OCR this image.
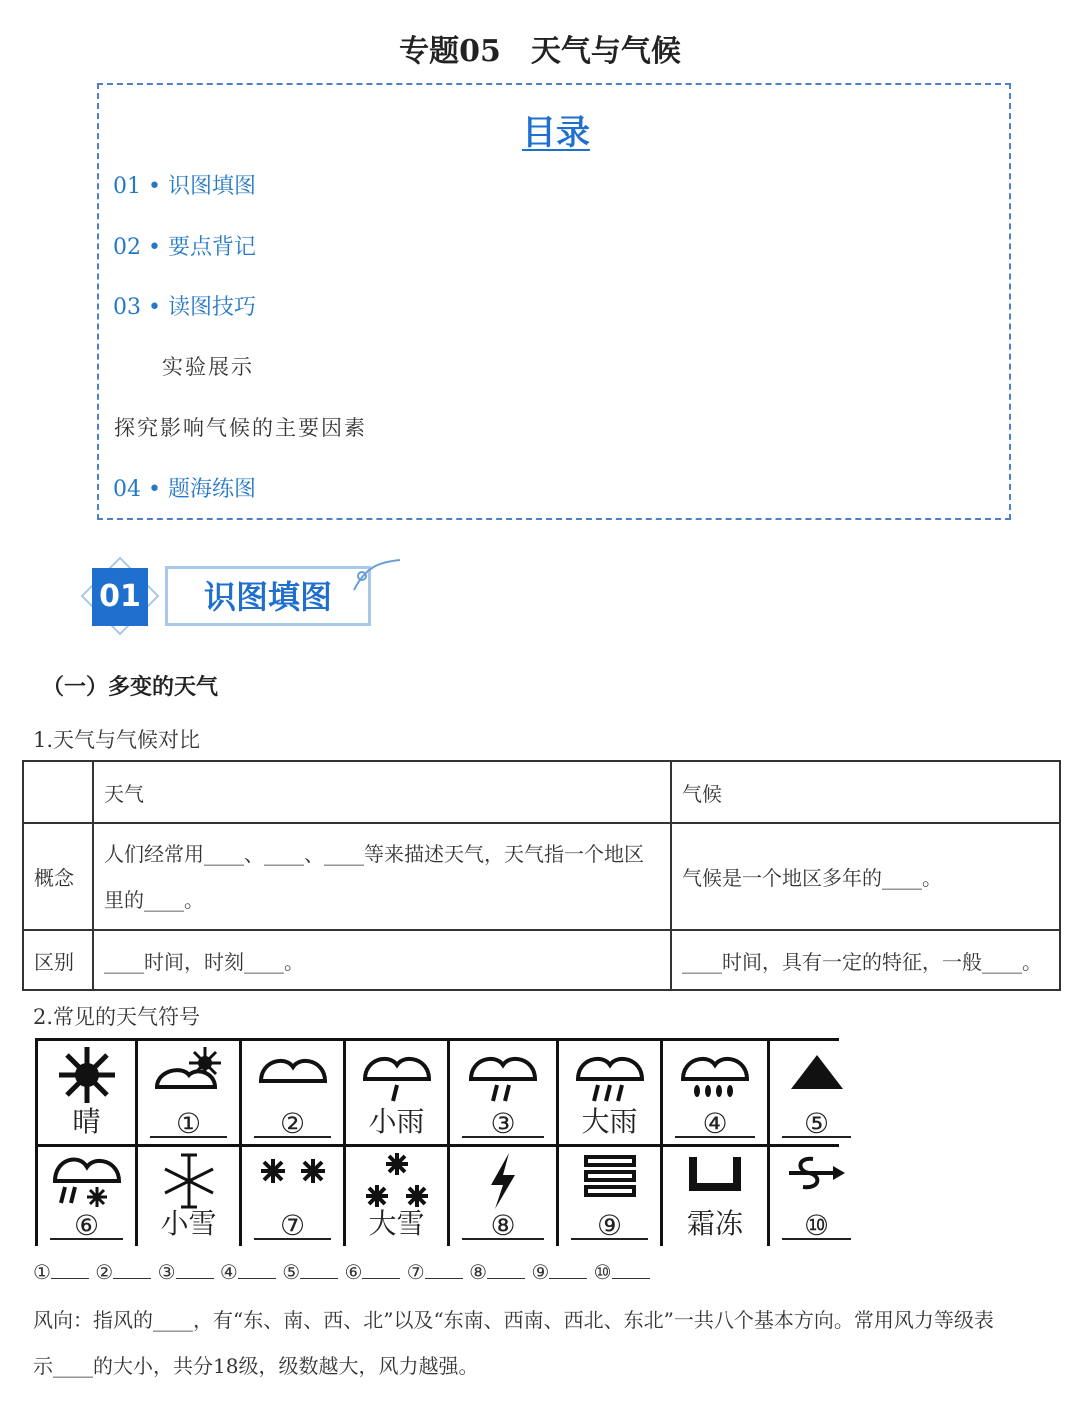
专题05　天气与气候
目录
01 • 识图填图
02 • 要点背记
03 • 读图技巧
实验展示
探究影响气候的主要因素
04 • 题海练图
01	识图填图
（一）多变的天气
1.天气与气候对比
	天气	气候
概念	人们经常用____、____、____等来描述天气，天气指一个地区里的____。	气候是一个地区多年的____。
区别	____时间，时刻____。	____时间，具有一定的特征，一般____。
2.常见的天气符号
晴	①	②	小雨	③	大雨	④	⑤
⑥	小雪	⑦	大雪	⑧	⑨	霜冻	⑩
① ② ③ ④ ⑤ ⑥ ⑦ ⑧ ⑨ ⑩
风向：指风的____，有“东、南、西、北”以及“东南、西南、西北、东北”一共八个基本方向。常用风力等级表
示____的大小，共分18级，级数越大，风力越强。
